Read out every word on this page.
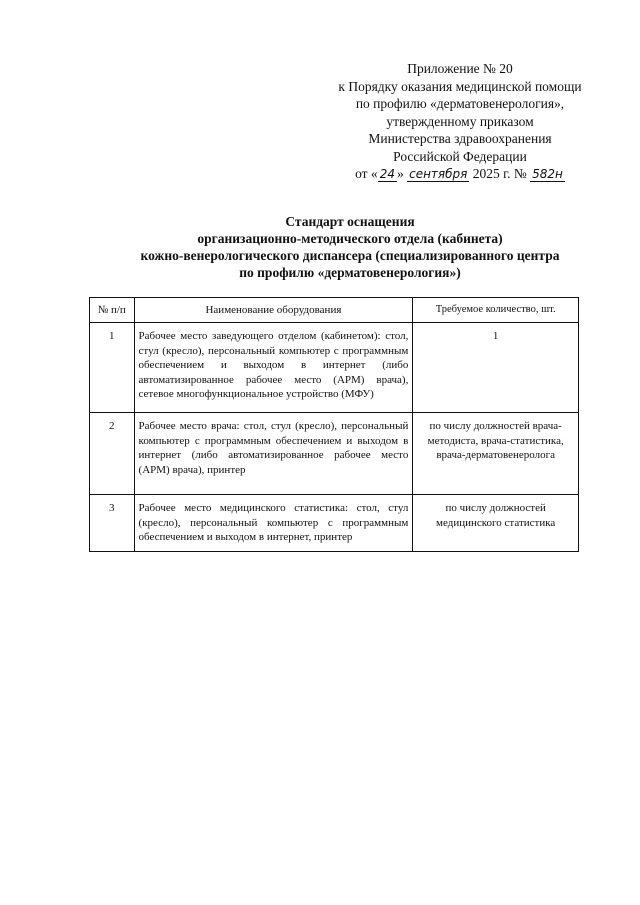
Приложение № 20
к Порядку оказания медицинской помощи
по профилю «дерматовенерология»,
утвержденному приказом
Министерства здравоохранения
Российской Федерации
от « 24 » сентября 2025 г. № 582н
Стандарт оснащения
организационно-методического отдела (кабинета)
кожно-венерологического диспансера (специализированного центра
по профилю «дерматовенерология»)
№ п/п	Наименование оборудования	Требуемое количество, шт.
1	Рабочее место заведующего отделом (кабинетом): стол, стул (кресло), персональный компьютер с программным обеспечением и выходом в интернет (либо автоматизированное рабочее место (АРМ) врача), сетевое многофункциональное устройство (МФУ)	1
2	Рабочее место врача: стол, стул (кресло), персональный компьютер с программным обеспечением и выходом в интернет (либо автоматизированное рабочее место (АРМ) врача), принтер	по числу должностей врача-методиста, врача-статистика, врача-дерматовенеролога
3	Рабочее место медицинского статистика: стол, стул (кресло), персональный компьютер с программным обеспечением и выходом в интернет, принтер	по числу должностей медицинского статистика
